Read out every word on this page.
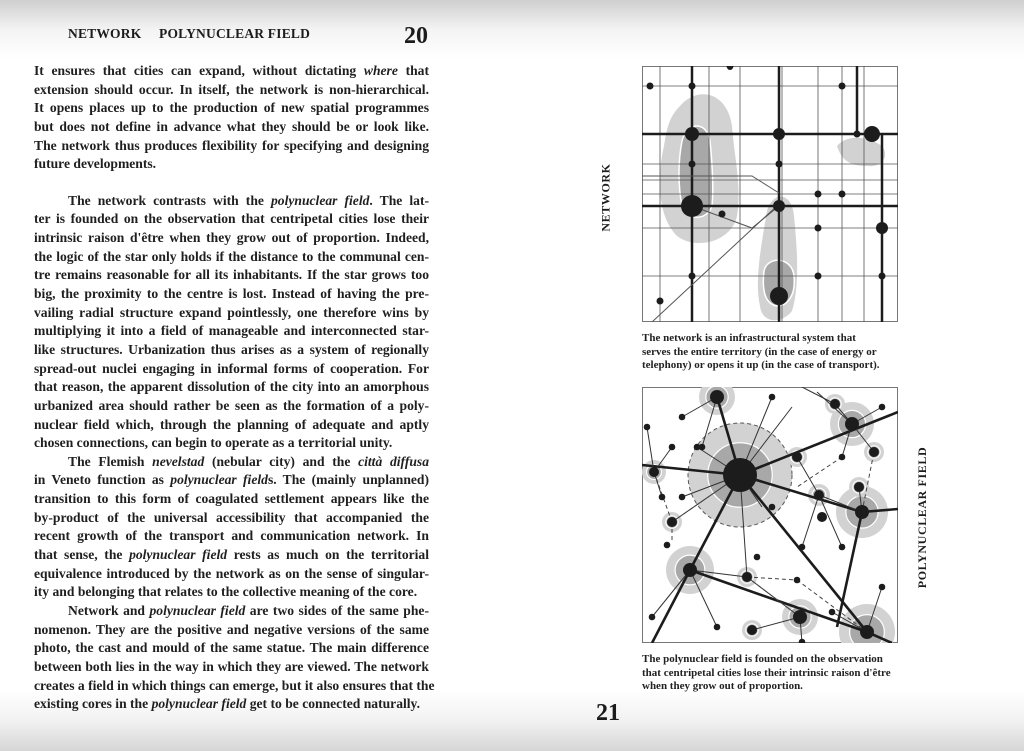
NETWORK POLYNUCLEAR FIELD	20
21
It ensures that cities can expand, without dictating where that
extension should occur. In itself, the network is non-hierarchical.
It opens places up to the production of new spatial programmes
but does not define in advance what they should be or look like.
The network thus produces flexibility for specifying and designing
future developments.
The network contrasts with the polynuclear field. The lat-
ter is founded on the observation that centripetal cities lose their
intrinsic raison d'être when they grow out of proportion. Indeed,
the logic of the star only holds if the distance to the communal cen-
tre remains reasonable for all its inhabitants. If the star grows too
big, the proximity to the centre is lost. Instead of having the pre-
vailing radial structure expand pointlessly, one therefore wins by
multiplying it into a field of manageable and interconnected star-
like structures. Urbanization thus arises as a system of regionally
spread-out nuclei engaging in informal forms of cooperation. For
that reason, the apparent dissolution of the city into an amorphous
urbanized area should rather be seen as the formation of a poly-
nuclear field which, through the planning of adequate and aptly
chosen connections, can begin to operate as a territorial unity.
The Flemish nevelstad (nebular city) and the città diffusa
in Veneto function as polynuclear fields. The (mainly unplanned)
transition to this form of coagulated settlement appears like the
by-product of the universal accessibility that accompanied the
recent growth of the transport and communication network. In
that sense, the polynuclear field rests as much on the territorial
equivalence introduced by the network as on the sense of singular-
ity and belonging that relates to the collective meaning of the core.
Network and polynuclear field are two sides of the same phe-
nomenon. They are the positive and negative versions of the same
photo, the cast and mould of the same statue. The main difference
between both lies in the way in which they are viewed. The network
creates a field in which things can emerge, but it also ensures that the
existing cores in the polynuclear field get to be connected naturally.
NETWORK
The network is an infrastructural system that
serves the entire territory (in the case of energy or
telephony) or opens it up (in the case of transport).
POLYNUCLEAR FIELD
The polynuclear field is founded on the observation
that centripetal cities lose their intrinsic raison d'être
when they grow out of proportion.
